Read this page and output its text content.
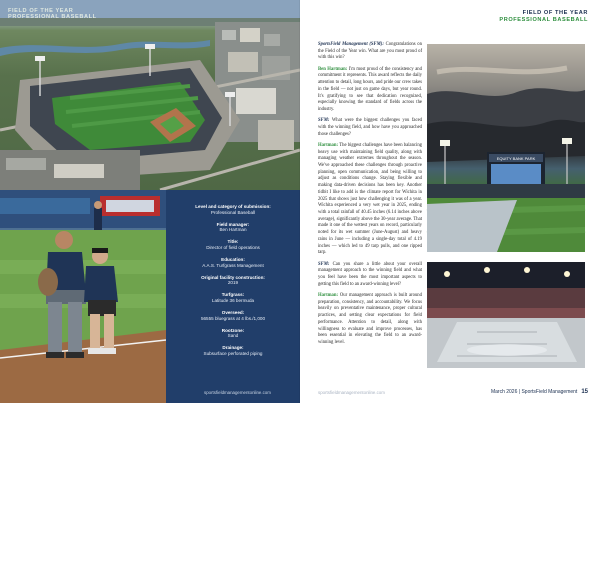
FIELD OF THE YEAR
PROFESSIONAL BASEBALL
14 SportsField Management | March 2026
Level and category of submission:
Professional Baseball
Field manager:
Ben Hartman
Title:
Director of field operations
Education:
A.A.S. Turfgrass Management
Original facility construction:
2019
Turfgrass:
Latitude 36 bermuda
Overseed:
56555 bluegrass at 4 lbs./1,000
Rootzone:
Sand
Drainage:
Subsurface perforated piping
sportsfieldmanagementonline.com
FIELD OF THE YEAR
PROFESSIONAL BASEBALL

SportsField Management (SFM): Congratulations on the Field of the Year win. What are you most proud of with this win?

Ben Hartman: I'm most proud of the consistency and commitment it represents. This award reflects the daily attention to detail, long hours, and pride our crew takes in the field — not just on game days, but year round. It's gratifying to see that dedication recognized, especially knowing the standard of fields across the industry.

SFM: What were the biggest challenges you faced with the winning field, and how have you approached those challenges?

Hartman: The biggest challenges have been balancing heavy use with maintaining field quality, along with managing weather extremes throughout the season. We've approached these challenges through proactive planning, open communication, and being willing to adjust as conditions change. Staying flexible and making data-driven decisions has been key. Another tidbit I like to add is the climate report for Wichita in 2025 that shows just how challenging it was of a year. Wichita experienced a very wet year in 2025, ending with a total rainfall of 40.45 inches (6.14 inches above average), significantly above the 30-year average. That made it one of the wettest years on record, particularly noted for its wet summer (June-August) and heavy rains in June — including a single-day total of 4.19 inches — which led to 49 tarp pulls, and one ripped tarp.

SFM: Can you share a little about your overall management approach to the winning field and what you feel have been the most important aspects to getting this field to an award-winning level?

Hartman: Our management approach is built around preparation, consistency, and accountability. We focus heavily on preventative maintenance, proper cultural practices, and setting clear expectations for field performance. Attention to detail, along with willingness to evaluate and improve processes, has been essential in elevating the field to an award-winning level.

EQUITY BANK PARK
sportsfieldmanagementonline.com	March 2026 | SportsField Management 15
